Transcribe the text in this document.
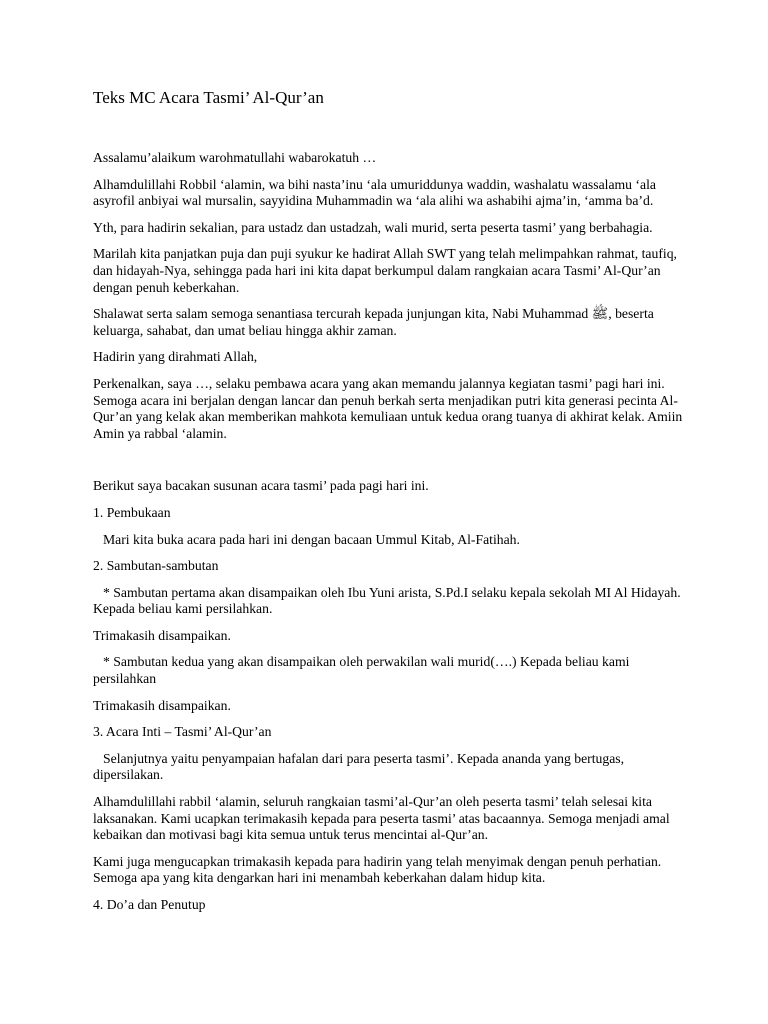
Teks MC Acara Tasmi’ Al-Qur’an

Assalamu’alaikum warohmatullahi wabarokatuh …

Alhamdulillahi Robbil ‘alamin, wa bihi nasta’inu ‘ala umuriddunya waddin, washalatu wassalamu ‘ala asyrofil anbiyai wal mursalin, sayyidina Muhammadin wa ‘ala alihi wa ashabihi ajma’in, ‘amma ba’d.

Yth, para hadirin sekalian, para ustadz dan ustadzah, wali murid, serta peserta tasmi’ yang berbahagia.

Marilah kita panjatkan puja dan puji syukur ke hadirat Allah SWT yang telah melimpahkan rahmat, taufiq, dan hidayah-Nya, sehingga pada hari ini kita dapat berkumpul dalam rangkaian acara Tasmi’ Al-Qur’an dengan penuh keberkahan.

Shalawat serta salam semoga senantiasa tercurah kepada junjungan kita, Nabi Muhammad ﷺ, beserta keluarga, sahabat, dan umat beliau hingga akhir zaman.

Hadirin yang dirahmati Allah,

Perkenalkan, saya …, selaku pembawa acara yang akan memandu jalannya kegiatan tasmi’ pagi hari ini. Semoga acara ini berjalan dengan lancar dan penuh berkah serta menjadikan putri kita generasi pecinta Al-Qur’an yang kelak akan memberikan mahkota kemuliaan untuk kedua orang tuanya di akhirat kelak. Amiin Amin ya rabbal ‘alamin.

Berikut saya bacakan susunan acara tasmi’ pada pagi hari ini.

1. Pembukaan

Mari kita buka acara pada hari ini dengan bacaan Ummul Kitab, Al-Fatihah.

2. Sambutan-sambutan

* Sambutan pertama akan disampaikan oleh Ibu Yuni arista, S.Pd.I selaku kepala sekolah MI Al Hidayah. Kepada beliau kami persilahkan.

Trimakasih disampaikan.

* Sambutan kedua yang akan disampaikan oleh perwakilan wali murid(….) Kepada beliau kami persilahkan

Trimakasih disampaikan.

3. Acara Inti – Tasmi’ Al-Qur’an

Selanjutnya yaitu penyampaian hafalan dari para peserta tasmi’. Kepada ananda yang bertugas, dipersilakan.

Alhamdulillahi rabbil ‘alamin, seluruh rangkaian tasmi’al-Qur’an oleh peserta tasmi’ telah selesai kita laksanakan. Kami ucapkan terimakasih kepada para peserta tasmi’ atas bacaannya. Semoga menjadi amal kebaikan dan motivasi bagi kita semua untuk terus mencintai al-Qur’an.

Kami juga mengucapkan trimakasih kepada para hadirin yang telah menyimak dengan penuh perhatian. Semoga apa yang kita dengarkan hari ini menambah keberkahan dalam hidup kita.

4. Do’a dan Penutup
